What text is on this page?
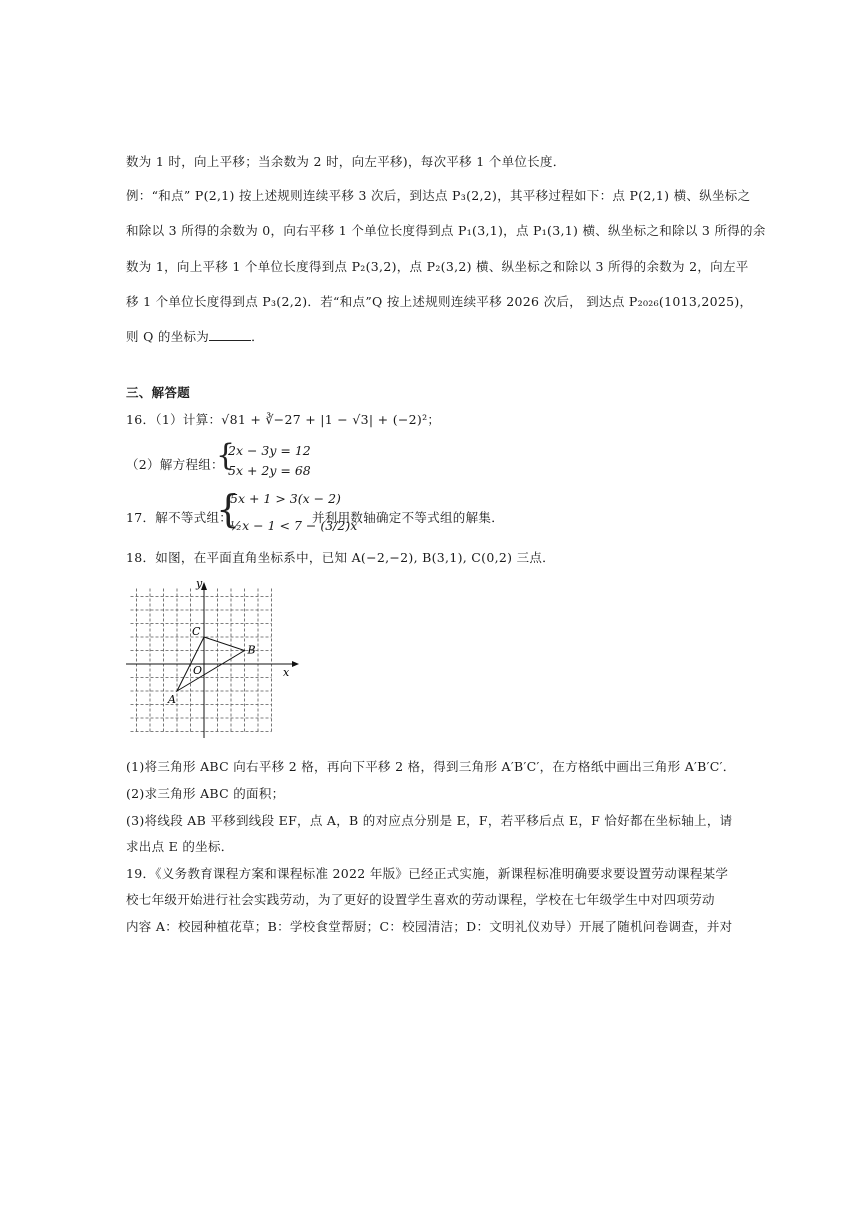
数为 1 时，向上平移；当余数为 2 时，向左平移)，每次平移 1 个单位长度．
例：“和点” P(2,1) 按上述规则连续平移 3 次后，到达点 P₃(2,2)，其平移过程如下：点 P(2,1) 横、纵坐标之
和除以 3 所得的余数为 0，向右平移 1 个单位长度得到点 P₁(3,1)，点 P₁(3,1) 横、纵坐标之和除以 3 所得的余
数为 1，向上平移 1 个单位长度得到点 P₂(3,2)，点 P₂(3,2) 横、纵坐标之和除以 3 所得的余数为 2，向左平
移 1 个单位长度得到点 P₃(2,2)．若“和点”Q 按上述规则连续平移 2026 次后， 到达点 P₂₀₂₆(1013,2025)，
则 Q 的坐标为	．
三、解答题
16．（1）计算：√81 + ∛−27 + |1 − √3| + (−2)²；
（2）解方程组：
{
2x − 3y = 12
5x + 2y = 68
17．解不等式组：
{
5x + 1 > 3(x − 2)
½x − 1 < 7 − (3/2)x
并利用数轴确定不等式组的解集．
18．如图，在平面直角坐标系中，已知 A(−2,−2), B(3,1), C(0,2) 三点．
x
y
O
A
B
C
(1)将三角形 ABC 向右平移 2 格，再向下平移 2 格，得到三角形 A′B′C′，在方格纸中画出三角形 A′B′C′．
(2)求三角形 ABC 的面积；
(3)将线段 AB 平移到线段 EF，点 A，B 的对应点分别是 E，F，若平移后点 E，F 恰好都在坐标轴上，请
求出点 E 的坐标．
19．《义务教育课程方案和课程标准 2022 年版》已经正式实施，新课程标准明确要求要设置劳动课程某学
校七年级开始进行社会实践劳动，为了更好的设置学生喜欢的劳动课程，学校在七年级学生中对四项劳动
内容 A：校园种植花草；B：学校食堂帮厨；C：校园清洁；D：文明礼仪劝导）开展了随机问卷调查，并对
